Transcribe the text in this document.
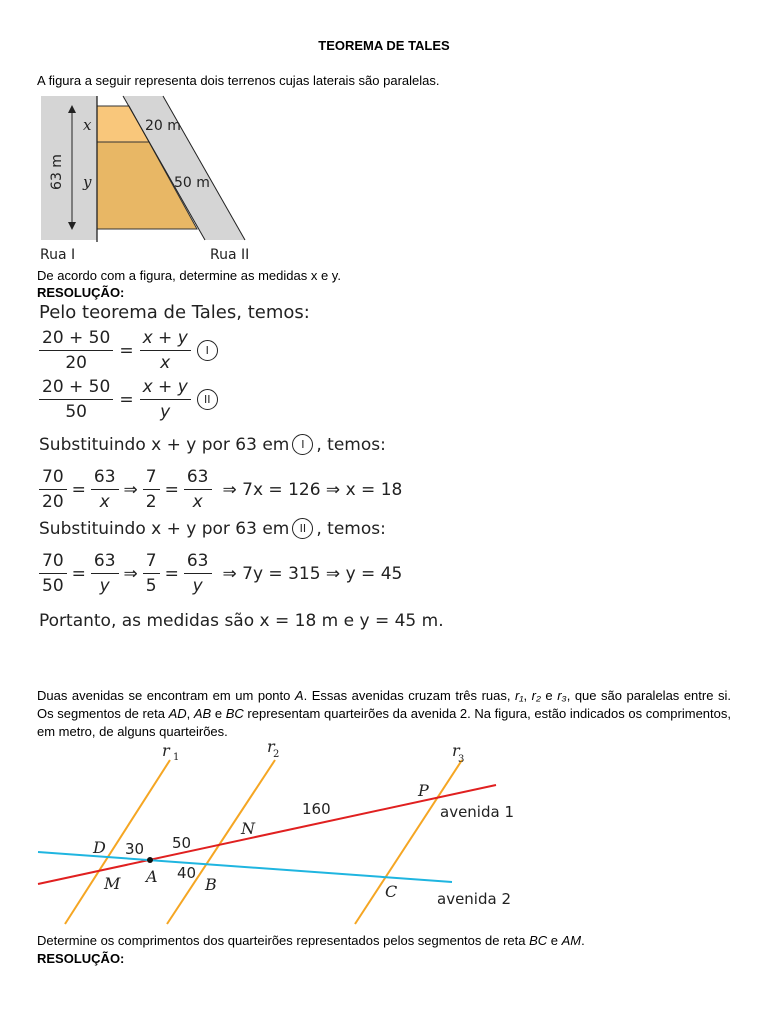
TEOREMA DE TALES
A figura a seguir representa dois terrenos cujas laterais são paralelas.
63 m
x
y
20 m
50 m
Rua I	Rua II
De acordo com a figura, determine as medidas x e y.
RESOLUÇÃO:
Pelo teorema de Tales, temos:
$\frac{20 + 50}{20} = \frac{x + y}{x}$	I
$\frac{20 + 50}{50} = \frac{x + y}{y}$	II
Substituindo x + y por 63 em	I , temos:
$\frac{70}{20} = \frac{63}{x}$ ⇒ $\frac{7}{2} = \frac{63}{x}$ ⇒ 7x = 126 ⇒ x = 18
Substituindo x + y por 63 em II , temos:
$\frac{70}{50} = \frac{63}{y}$ ⇒ $\frac{7}{5} = \frac{63}{y}$ ⇒ 7y = 315 ⇒ y = 45
Portanto, as medidas são x = 18 m e y = 45 m.
Duas avenidas se encontram em um ponto A. Essas avenidas cruzam três ruas, r₁, r₂ e r₃, que são paralelas entre si. Os segmentos de reta AD, AB e BC representam quarteirões da avenida 2. Na figura, estão indicados os comprimentos, em metro, de alguns quarteirões.
r 1
r
2	r
3
P
N
D
M A	B	C
160
30 50
40
avenida 1
avenida 2
Determine os comprimentos dos quarteirões representados pelos segmentos de reta BC e AM.
RESOLUÇÃO:
